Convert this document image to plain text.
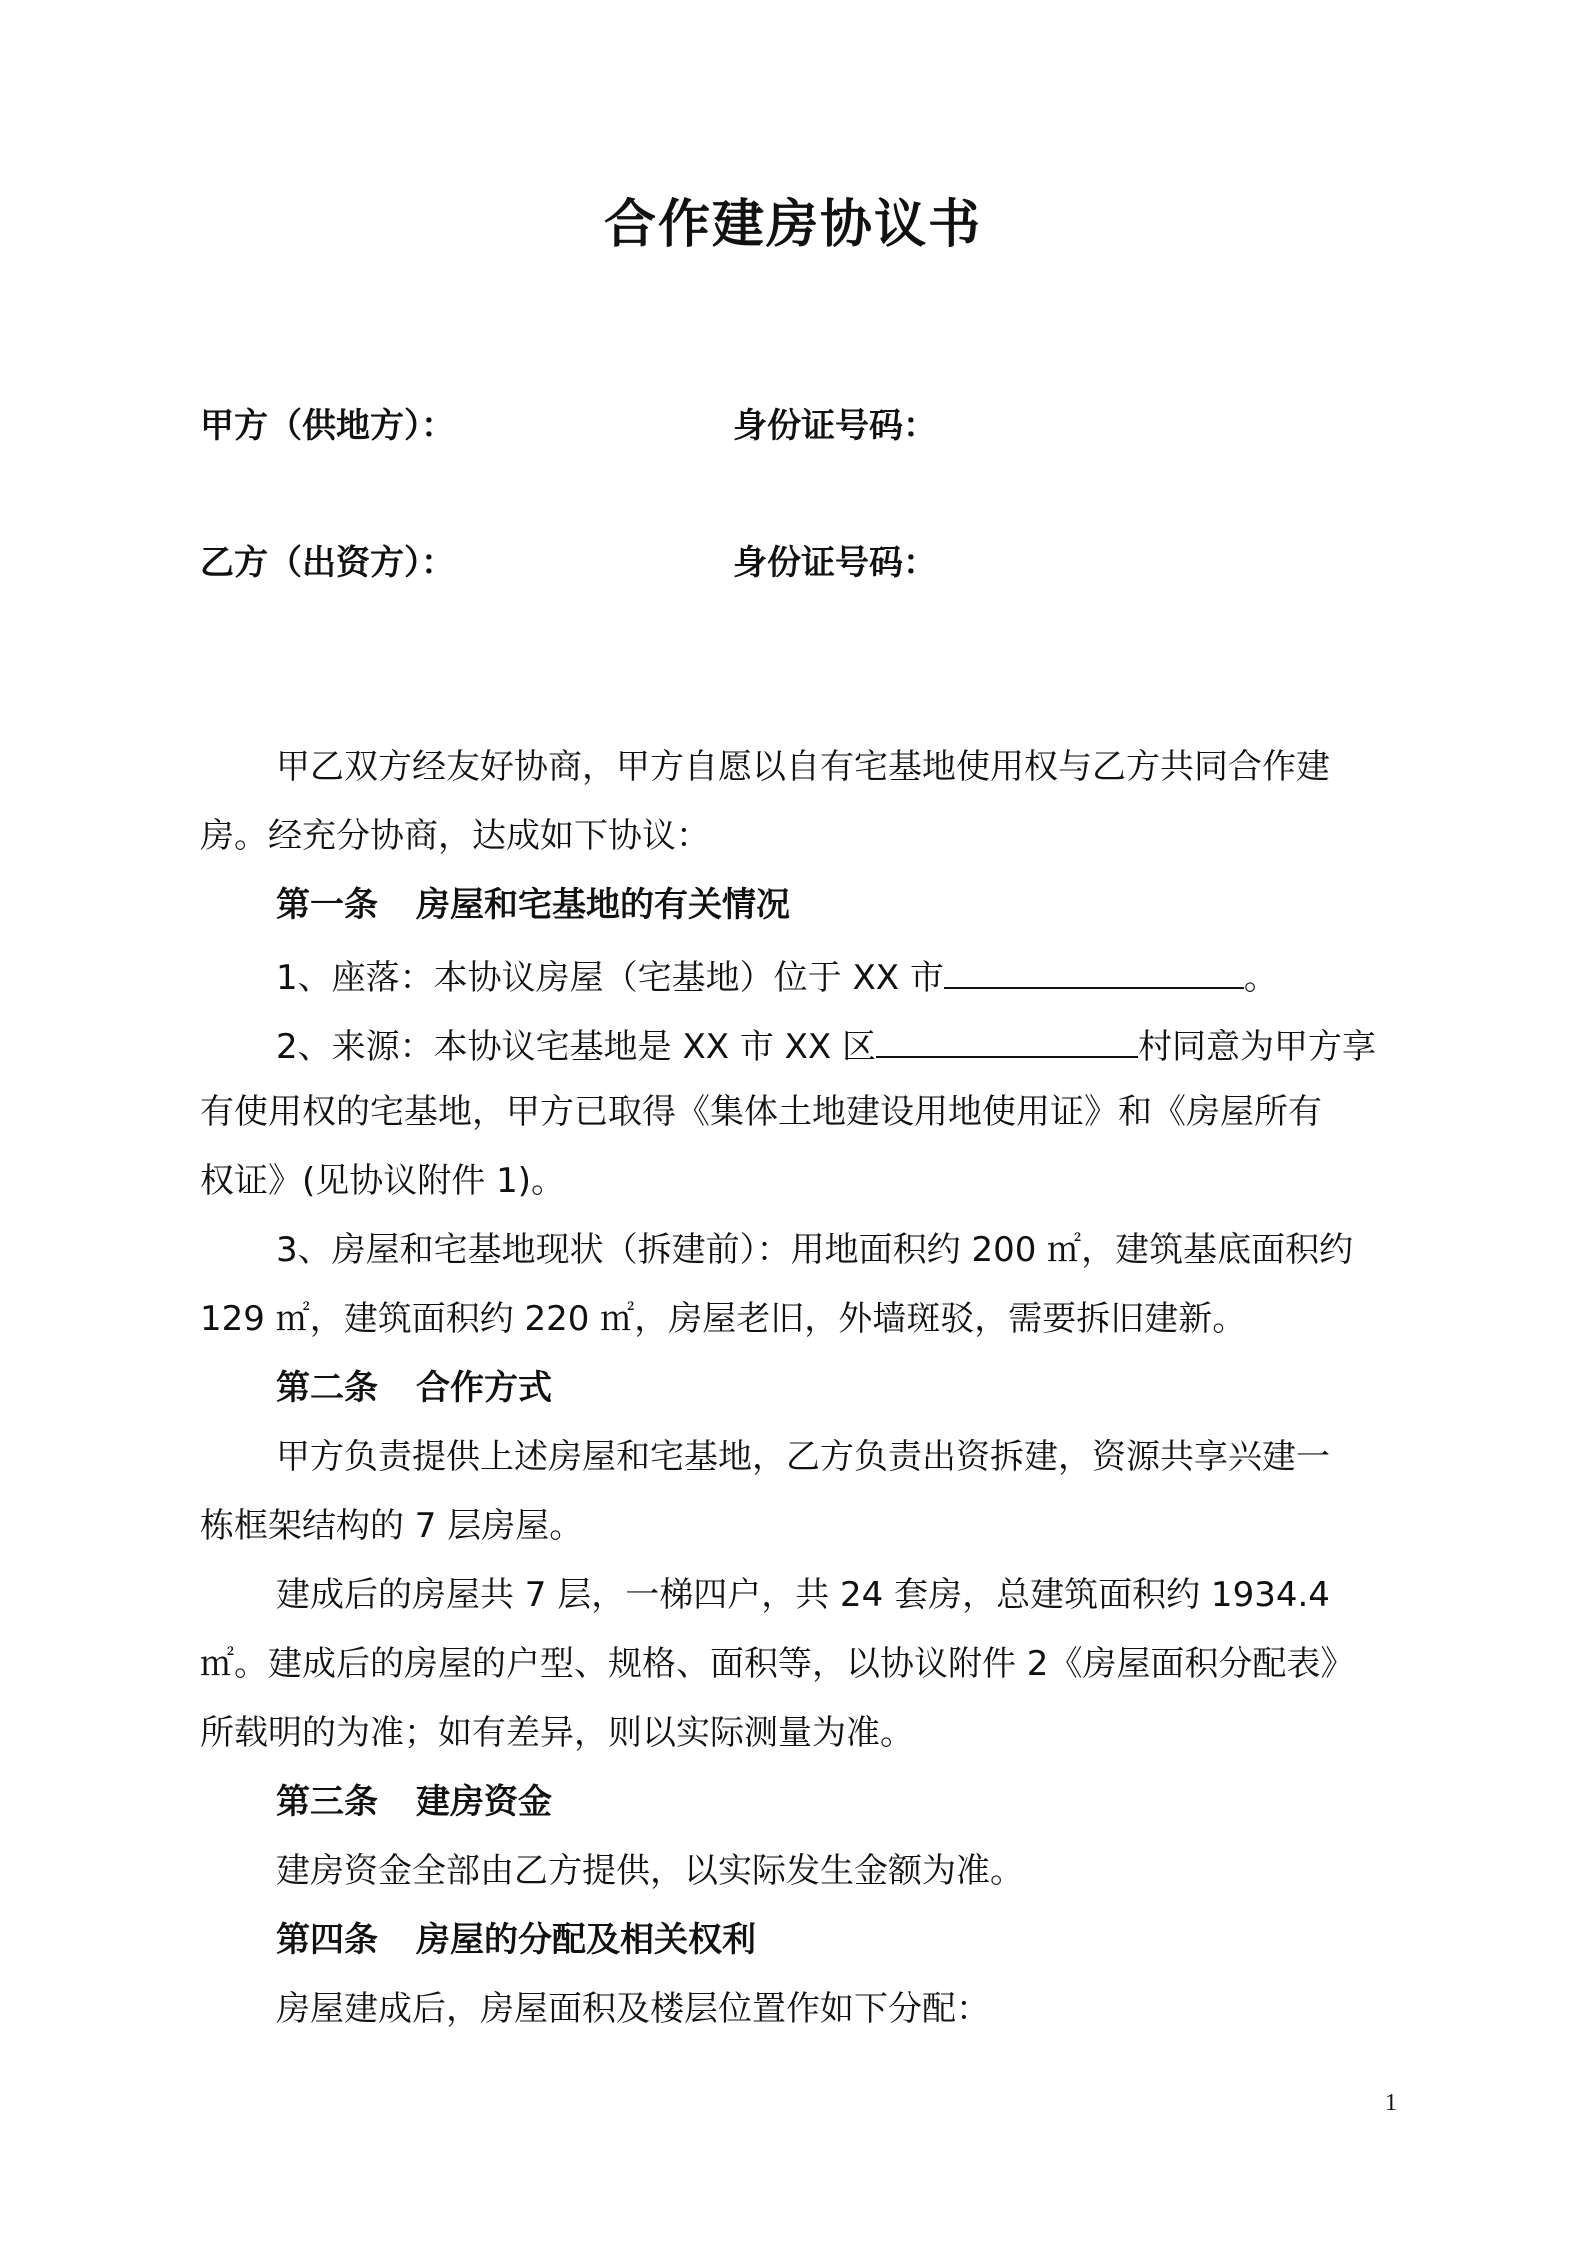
合作建房协议书
甲方（供地方）：	身份证号码：
乙方（出资方）：	身份证号码：
甲乙双方经友好协商，甲方自愿以自有宅基地使用权与乙方共同合作建
房。经充分协商，达成如下协议：
第一条 房屋和宅基地的有关情况
1、座落：本协议房屋（宅基地）位于 XX 市	。
2、来源：本协议宅基地是 XX 市 XX 区	村同意为甲方享
有使用权的宅基地，甲方已取得《集体土地建设用地使用证》和《房屋所有
权证》(见协议附件 1)。
3、房屋和宅基地现状（拆建前）：用地面积约 200 ㎡，建筑基底面积约
129 ㎡，建筑面积约 220 ㎡，房屋老旧，外墙斑驳，需要拆旧建新。
第二条 合作方式
甲方负责提供上述房屋和宅基地，乙方负责出资拆建，资源共享兴建一
栋框架结构的 7 层房屋。
建成后的房屋共 7 层，一梯四户，共 24 套房，总建筑面积约 1934.4
㎡。建成后的房屋的户型、规格、面积等，以协议附件 2《房屋面积分配表》
所载明的为准；如有差异，则以实际测量为准。
第三条 建房资金
建房资金全部由乙方提供，以实际发生金额为准。
第四条 房屋的分配及相关权利
房屋建成后，房屋面积及楼层位置作如下分配：
1
